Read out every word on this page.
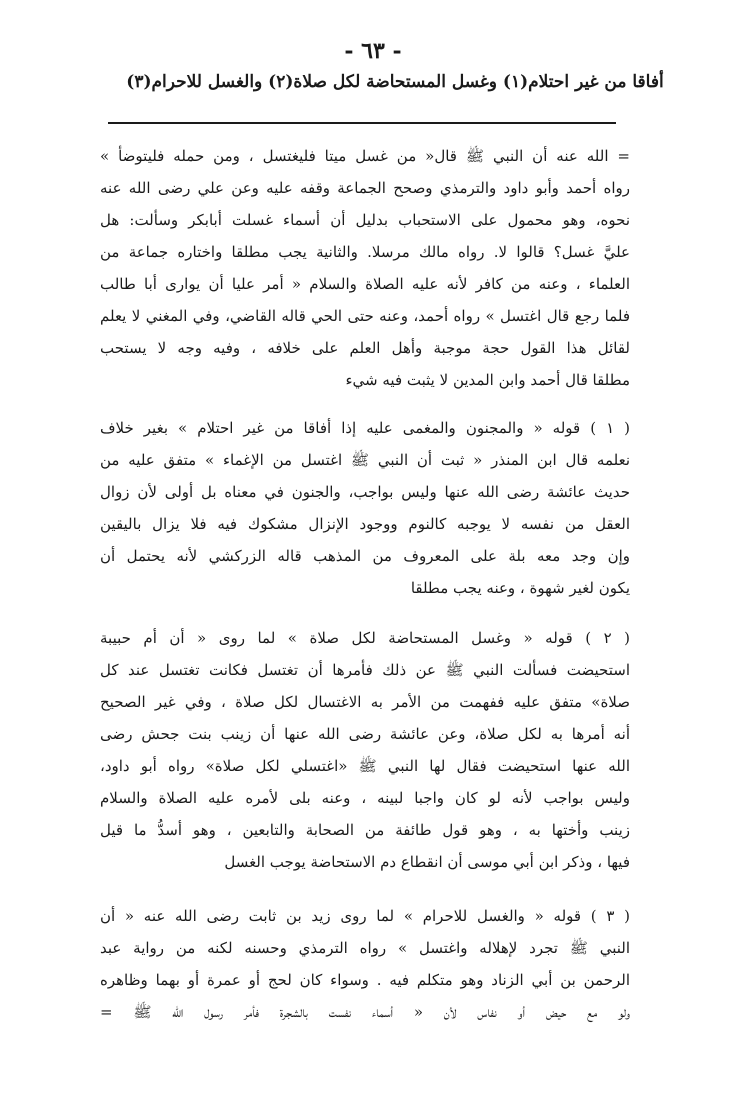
- ٦٣ -
أفاقا من غير احتلام(١) وغسل المستحاضة لكل صلاة(٢) والغسل للاحرام(٣)
= الله عنه أن النبي ﷺ قال« من غسل ميتا فليغتسل ، ومن حمله فليتوضأ »
رواه أحمد وأبو داود والترمذي وصحح الجماعة وقفه عليه وعن علي رضى الله عنه
نحوه، وهو محمول على الاستحباب بدليل أن أسماء غسلت أبابكر وسألت: هل
عليَّ غسل؟ قالوا لا. رواه مالك مرسلا. والثانية يجب مطلقا واختاره جماعة من
العلماء ، وعنه من كافر لأنه عليه الصلاة والسلام « أمر عليا أن يوارى أبا طالب
فلما رجع قال اغتسل » رواه أحمد، وعنه حتى الحي قاله القاضي، وفي المغني لا يعلم
لقائل هذا القول حجة موجبة وأهل العلم على خلافه ، وفيه وجه لا يستحب
مطلقا قال أحمد وابن المدين لا يثبت فيه شيء
( ١ ) قوله « والمجنون والمغمى عليه إذا أفاقا من غير احتلام » بغير خلاف
نعلمه قال ابن المنذر « ثبت أن النبي ﷺ اغتسل من الإغماء » متفق عليه من
حديث عائشة رضى الله عنها وليس بواجب، والجنون في معناه بل أولى لأن زوال
العقل من نفسه لا يوجبه كالنوم ووجود الإنزال مشكوك فيه فلا يزال باليقين
وإن وجد معه بلة على المعروف من المذهب قاله الزركشي لأنه يحتمل أن
يكون لغير شهوة ، وعنه يجب مطلقا
( ٢ ) قوله « وغسل المستحاضة لكل صلاة » لما روى « أن أم حبيبة
استحيضت فسألت النبي ﷺ عن ذلك فأمرها أن تغتسل فكانت تغتسل عند كل
صلاة» متفق عليه ففهمت من الأمر به الاغتسال لكل صلاة ، وفي غير الصحيح
أنه أمرها به لكل صلاة، وعن عائشة رضى الله عنها أن زينب بنت جحش رضى
الله عنها استحيضت فقال لها النبي ﷺ «اغتسلي لكل صلاة» رواه أبو داود،
وليس بواجب لأنه لو كان واجبا لبينه ، وعنه بلى لأمره عليه الصلاة والسلام
زينب وأختها به ، وهو قول طائفة من الصحابة والتابعين ، وهو أسدُّ ما قيل
فيها ، وذكر ابن أبي موسى أن انقطاع دم الاستحاضة يوجب الغسل
( ٣ ) قوله « والغسل للاحرام » لما روى زيد بن ثابت رضى الله عنه « أن
النبي ﷺ تجرد لإهلاله واغتسل » رواه الترمذي وحسنه لكنه من رواية عبد
الرحمن بن أبي الزناد وهو متكلم فيه . وسواء كان لحج أو عمرة أو بهما وظاهره
ولو مع حيض أو نفاس لأن « أسماء نفست بالشجرة فأمر رسول الله ﷺ =
